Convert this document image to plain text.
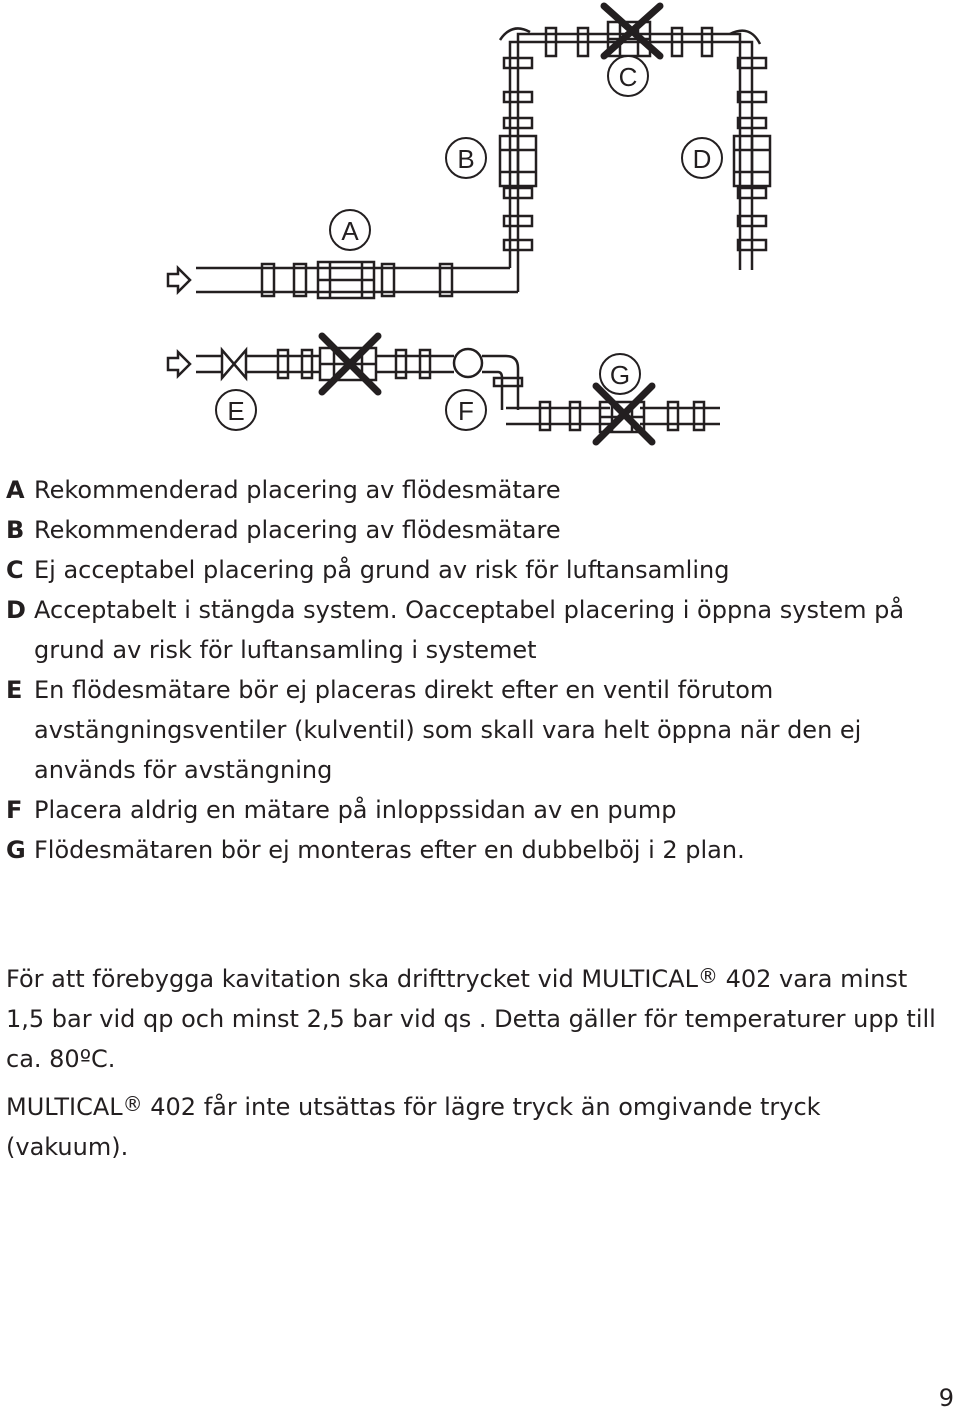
A
B
C
D
E	F
G
A Rekommenderad placering av flödesmätare
B Rekommenderad placering av flödesmätare
C Ej acceptabel placering på grund av risk för luftansamling
D Acceptabelt i stängda system. Oacceptabel placering i öppna system på grund av risk för luftansamling i systemet
E En flödesmätare bör ej placeras direkt efter en ventil förutom avstängningsventiler (kulventil) som skall vara helt öppna när den ej används för avstängning
F Placera aldrig en mätare på inloppssidan av en pump
G Flödesmätaren bör ej monteras efter en dubbelböj i 2 plan.
För att förebygga kavitation ska drifttrycket vid MULTICAL® 402 vara minst 1,5 bar vid qp och minst 2,5 bar vid qs . Detta gäller för temperaturer upp till ca. 80ºC.
MULTICAL® 402 får inte utsättas för lägre tryck än omgivande tryck (vakuum).
9
